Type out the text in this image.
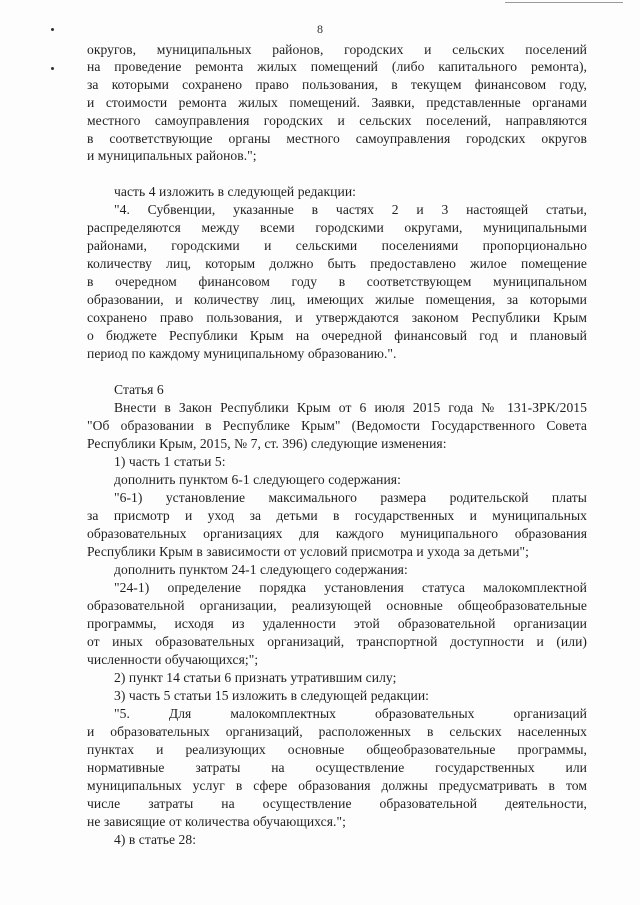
8
округов, муниципальных районов, городских и сельских поселений
на проведение ремонта жилых помещений (либо капитального ремонта),
за которыми сохранено право пользования, в текущем финансовом году,
и стоимости ремонта жилых помещений. Заявки, представленные органами
местного самоуправления городских и сельских поселений, направляются
в соответствующие органы местного самоуправления городских округов
и муниципальных районов.";
часть 4 изложить в следующей редакции:
"4. Субвенции, указанные в частях 2 и 3 настоящей статьи,
распределяются между всеми городскими округами, муниципальными
районами, городскими и сельскими поселениями пропорционально
количеству лиц, которым должно быть предоставлено жилое помещение
в очередном финансовом году в соответствующем муниципальном
образовании, и количеству лиц, имеющих жилые помещения, за которыми
сохранено право пользования, и утверждаются законом Республики Крым
о бюджете Республики Крым на очередной финансовый год и плановый
период по каждому муниципальному образованию.".
Статья 6
Внести в Закон Республики Крым от 6 июля 2015 года № 131-ЗРК/2015
"Об образовании в Республике Крым" (Ведомости Государственного Совета
Республики Крым, 2015, № 7, ст. 396) следующие изменения:
1) часть 1 статьи 5:
дополнить пунктом 6-1 следующего содержания:
"6-1) установление максимального размера родительской платы
за присмотр и уход за детьми в государственных и муниципальных
образовательных организациях для каждого муниципального образования
Республики Крым в зависимости от условий присмотра и ухода за детьми";
дополнить пунктом 24-1 следующего содержания:
"24-1) определение порядка установления статуса малокомплектной
образовательной организации, реализующей основные общеобразовательные
программы, исходя из удаленности этой образовательной организации
от иных образовательных организаций, транспортной доступности и (или)
численности обучающихся;";
2) пункт 14 статьи 6 признать утратившим силу;
3) часть 5 статьи 15 изложить в следующей редакции:
"5. Для малокомплектных образовательных организаций
и образовательных организаций, расположенных в сельских населенных
пунктах и реализующих основные общеобразовательные программы,
нормативные затраты на осуществление государственных или
муниципальных услуг в сфере образования должны предусматривать в том
числе затраты на осуществление образовательной деятельности,
не зависящие от количества обучающихся.";
4) в статье 28:
